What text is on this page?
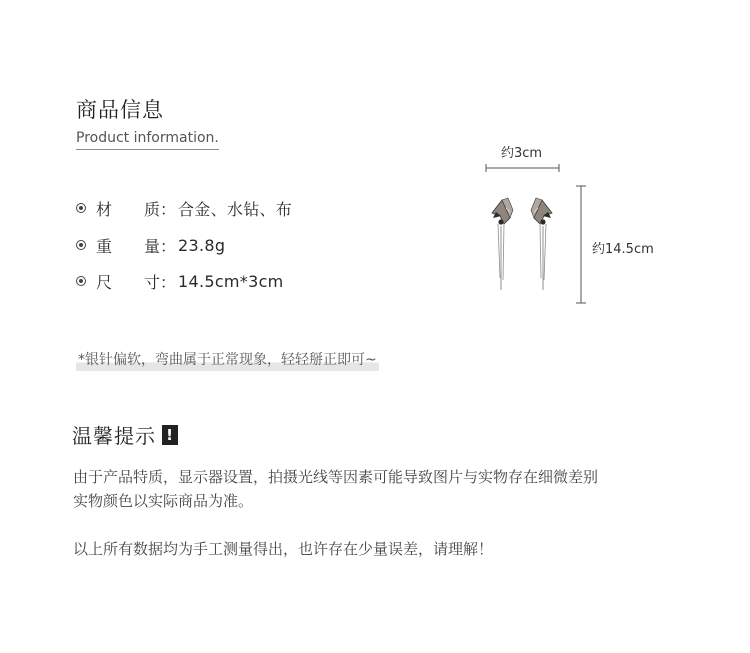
商品信息
Product information.
材　　质： 合金、水钻、布
重　　量： 23.8g
尺　　寸： 14.5cm*3cm
*银针偏软，弯曲属于正常现象，轻轻掰正即可~
约3cm
约14.5cm
温馨提示 !
由于产品特质，显示器设置，拍摄光线等因素可能导致图片与实物存在细微差别
实物颜色以实际商品为准。
以上所有数据均为手工测量得出，也许存在少量误差，请理解！
